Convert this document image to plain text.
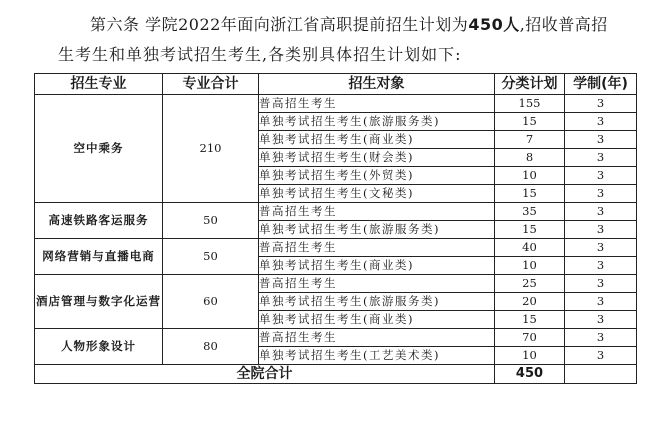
第六条 学院2022年面向浙江省高职提前招生计划为450人,招收普高招
生考生和单独考试招生考生,各类别具体招生计划如下:
招生专业	专业合计	招生对象	分类计划	学制(年)
空中乘务	210	普高招生考生	155	3
		单独考试招生考生(旅游服务类)	15	3
		单独考试招生考生(商业类)	7	3
		单独考试招生考生(财会类)	8	3
		单独考试招生考生(外贸类)	10	3
		单独考试招生考生(文秘类)	15	3
高速铁路客运服务	50	普高招生考生	35	3
		单独考试招生考生(旅游服务类)	15	3
网络营销与直播电商	50	普高招生考生	40	3
		单独考试招生考生(商业类)	10	3
酒店管理与数字化运营	60	普高招生考生	25	3
		单独考试招生考生(旅游服务类)	20	3
		单独考试招生考生(商业类)	15	3
人物形象设计	80	普高招生考生	70	3
		单独考试招生考生(工艺美术类)	10	3
全院合计			450	
